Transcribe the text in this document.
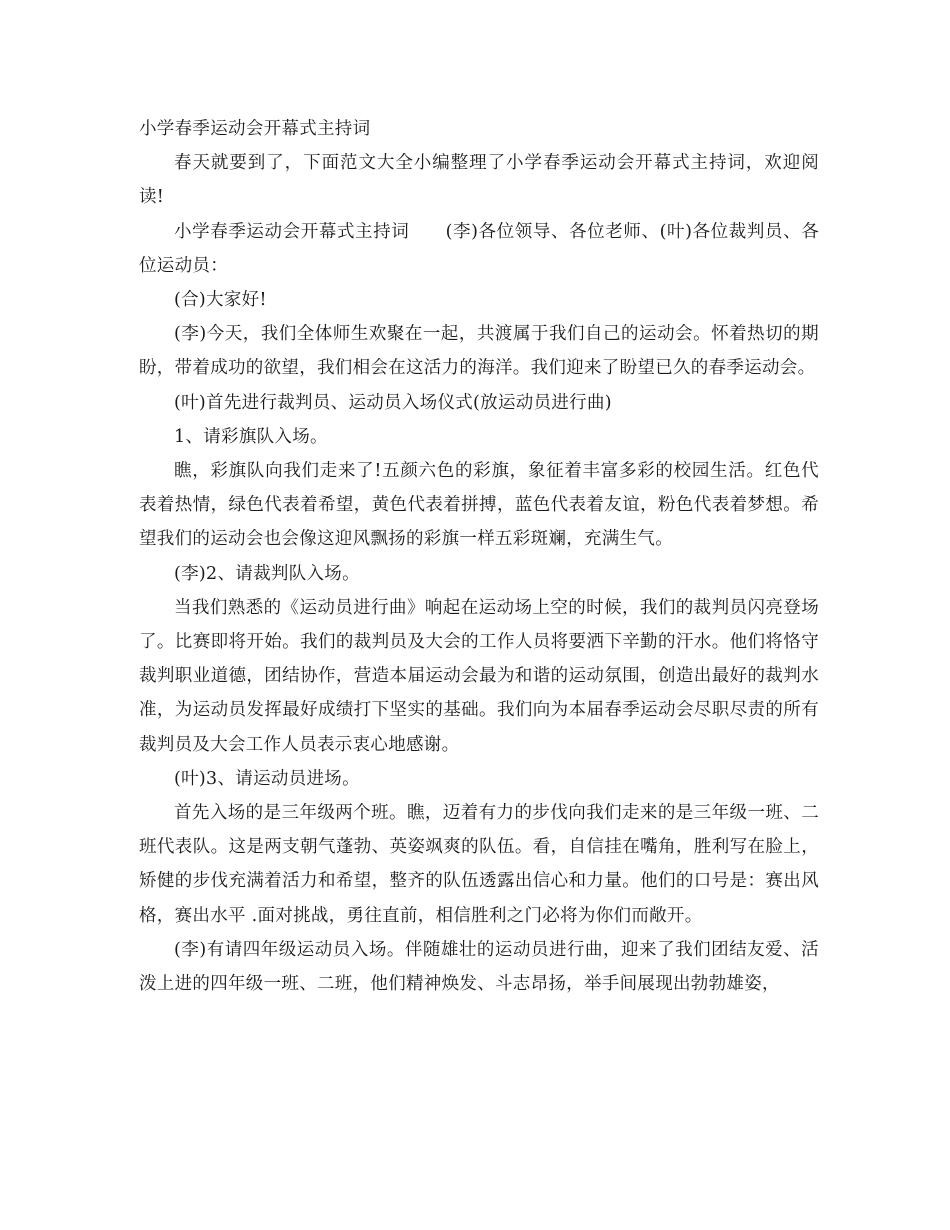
小学春季运动会开幕式主持词

春天就要到了，下面范文大全小编整理了小学春季运动会开幕式主持词，欢迎阅读!

小学春季运动会开幕式主持词　　(李)各位领导、各位老师、(叶)各位裁判员、各位运动员：

(合)大家好!

(李)今天，我们全体师生欢聚在一起，共渡属于我们自己的运动会。怀着热切的期盼，带着成功的欲望，我们相会在这活力的海洋。我们迎来了盼望已久的春季运动会。

(叶)首先进行裁判员、运动员入场仪式(放运动员进行曲)

1、请彩旗队入场。

瞧，彩旗队向我们走来了!五颜六色的彩旗，象征着丰富多彩的校园生活。红色代表着热情，绿色代表着希望，黄色代表着拼搏，蓝色代表着友谊，粉色代表着梦想。希望我们的运动会也会像这迎风飘扬的彩旗一样五彩斑斓，充满生气。

(李)2、请裁判队入场。

当我们熟悉的《运动员进行曲》响起在运动场上空的时候，我们的裁判员闪亮登场了。比赛即将开始。我们的裁判员及大会的工作人员将要洒下辛勤的汗水。他们将恪守裁判职业道德，团结协作，营造本届运动会最为和谐的运动氛围，创造出最好的裁判水准，为运动员发挥最好成绩打下坚实的基础。我们向为本届春季运动会尽职尽责的所有裁判员及大会工作人员表示衷心地感谢。

(叶)3、请运动员进场。

首先入场的是三年级两个班。瞧，迈着有力的步伐向我们走来的是三年级一班、二班代表队。这是两支朝气蓬勃、英姿飒爽的队伍。看，自信挂在嘴角，胜利写在脸上，矫健的步伐充满着活力和希望，整齐的队伍透露出信心和力量。他们的口号是：赛出风格，赛出水平 .面对挑战，勇往直前，相信胜利之门必将为你们而敞开。

(李)有请四年级运动员入场。伴随雄壮的运动员进行曲，迎来了我们团结友爱、活泼上进的四年级一班、二班，他们精神焕发、斗志昂扬，举手间展现出勃勃雄姿，
